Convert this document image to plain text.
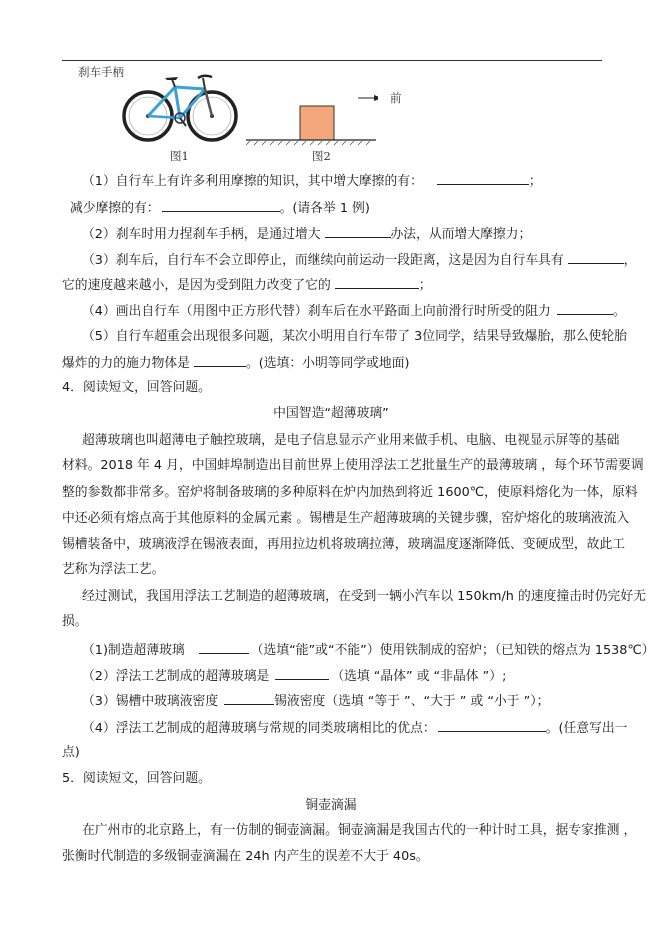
刹车手柄
图1
前
图2
（1）自行车上有许多利用摩擦的知识，其中增大摩擦的有：	；
减少摩擦的有：	。(请各举 1 例)
（2）刹车时用力捏刹车手柄，是通过增大	办法，从而增大摩擦力；
（3）刹车后，自行车不会立即停止，而继续向前运动一段距离，这是因为自行车具有	，
它的速度越来越小，是因为受到阻力改变了它的	；
（4）画出自行车（用图中正方形代替）刹车后在水平路面上向前滑行时所受的阻力	。
（5）自行车超重会出现很多问题，某次小明用自行车带了 3位同学，结果导致爆胎，那么使轮胎
爆炸的力的施力物体是	。(选填：小明等同学或地面)
4．阅读短文，回答问题。
中国智造“超薄玻璃”
超薄玻璃也叫超薄电子触控玻璃，是电子信息显示产业用来做手机、电脑、电视显示屏等的基础
材料。2018 年 4 月，中国蚌埠制造出目前世界上使用浮法工艺批量生产的最薄玻璃 ，每个环节需要调
整的参数都非常多。窑炉将制备玻璃的多种原料在炉内加热到将近 1600℃，使原料熔化为一体，原料
中还必须有熔点高于其他原料的金属元素 。锡槽是生产超薄玻璃的关键步骤，窑炉熔化的玻璃液流入
锡槽装备中，玻璃液浮在锡液表面，再用拉边机将玻璃拉薄，玻璃温度逐渐降低、变硬成型，故此工
艺称为浮法工艺。
经过测试，我国用浮法工艺制造的超薄玻璃，在受到一辆小汽车以 150km/h 的速度撞击时仍完好无
损。
（1)制造超薄玻璃	（选填“能”或“不能”）使用铁制成的窑炉；（已知铁的熔点为 1538℃）
（2）浮法工艺制成的超薄玻璃是	（选填 “晶体” 或 “非晶体 ”）;
（3）锡槽中玻璃液密度	锡液密度（选填 “等于 ”、“大于 ” 或 “小于 ”）；
（4）浮法工艺制成的超薄玻璃与常规的同类玻璃相比的优点：	。(任意写出一
点)
5．阅读短文，回答问题。
铜壶滴漏
在广州市的北京路上，有一仿制的铜壶滴漏。铜壶滴漏是我国古代的一种计时工具，据专家推测 ，
张衡时代制造的多级铜壶滴漏在 24h 内产生的误差不大于 40s。
